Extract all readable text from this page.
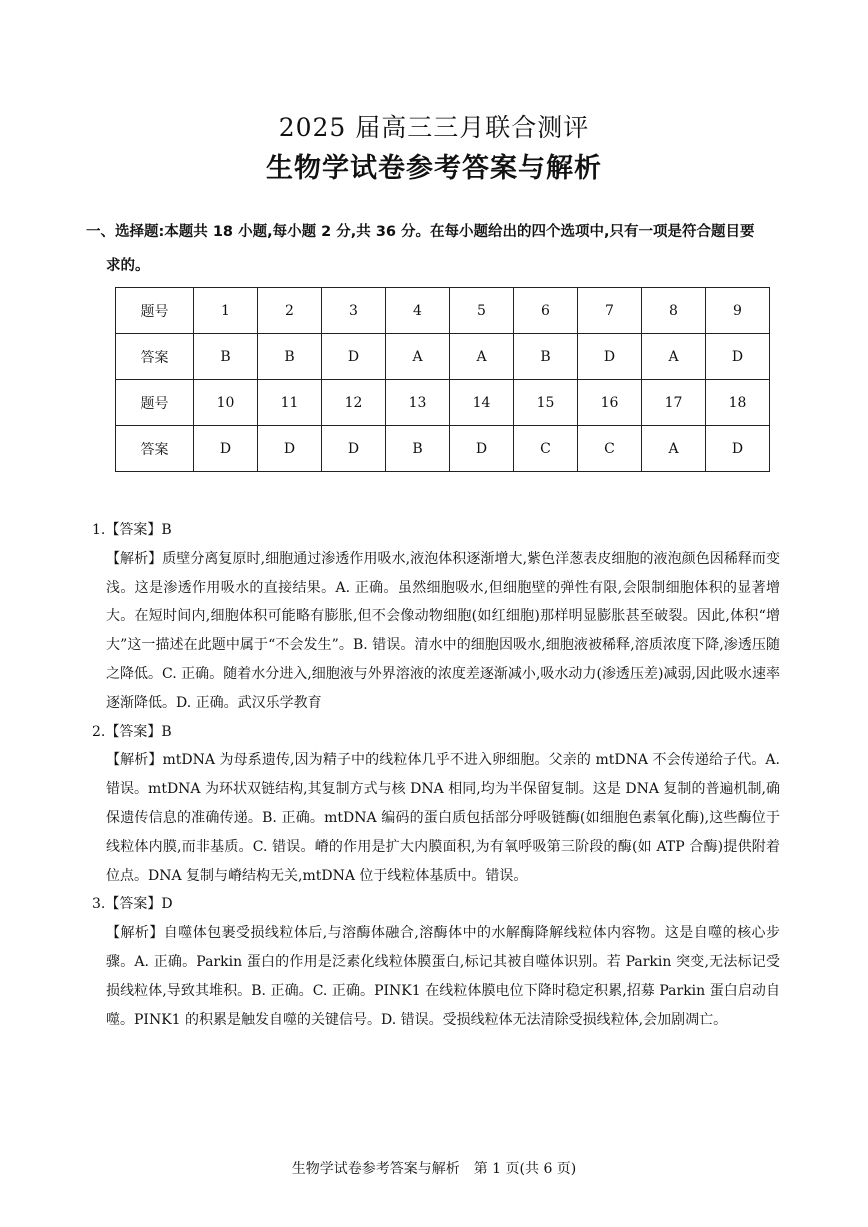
2025 届高三三月联合测评
生物学试卷参考答案与解析
一、选择题:本题共 18 小题,每小题 2 分,共 36 分。在每小题给出的四个选项中,只有一项是符合题目要
求的。
题号	1	2	3	4	5	6	7	8	9
答案	B	B	D	A	A	B	D	A	D
题号	10	11	12	13	14	15	16	17	18
答案	D	D	D	B	D	C	C	A	D
1.【答案】B
【解析】质壁分离复原时,细胞通过渗透作用吸水,液泡体积逐渐增大,紫色洋葱表皮细胞的液泡颜色因稀释而变浅。这是渗透作用吸水的直接结果。A. 正确。虽然细胞吸水,但细胞壁的弹性有限,会限制细胞体积的显著增大。在短时间内,细胞体积可能略有膨胀,但不会像动物细胞(如红细胞)那样明显膨胀甚至破裂。因此,体积“增大”这一描述在此题中属于“不会发生”。B. 错误。清水中的细胞因吸水,细胞液被稀释,溶质浓度下降,渗透压随之降低。C. 正确。随着水分进入,细胞液与外界溶液的浓度差逐渐减小,吸水动力(渗透压差)减弱,因此吸水速率逐渐降低。D. 正确。武汉乐学教育
2.【答案】B
【解析】mtDNA 为母系遗传,因为精子中的线粒体几乎不进入卵细胞。父亲的 mtDNA 不会传递给子代。A. 错误。mtDNA 为环状双链结构,其复制方式与核 DNA 相同,均为半保留复制。这是 DNA 复制的普遍机制,确保遗传信息的准确传递。B. 正确。mtDNA 编码的蛋白质包括部分呼吸链酶(如细胞色素氧化酶),这些酶位于线粒体内膜,而非基质。C. 错误。嵴的作用是扩大内膜面积,为有氧呼吸第三阶段的酶(如 ATP 合酶)提供附着位点。DNA 复制与嵴结构无关,mtDNA 位于线粒体基质中。错误。
3.【答案】D
【解析】自噬体包裹受损线粒体后,与溶酶体融合,溶酶体中的水解酶降解线粒体内容物。这是自噬的核心步骤。A. 正确。Parkin 蛋白的作用是泛素化线粒体膜蛋白,标记其被自噬体识别。若 Parkin 突变,无法标记受损线粒体,导致其堆积。B. 正确。C. 正确。PINK1 在线粒体膜电位下降时稳定积累,招募 Parkin 蛋白启动自噬。PINK1 的积累是触发自噬的关键信号。D. 错误。受损线粒体无法清除受损线粒体,会加剧凋亡。
生物学试卷参考答案与解析　第 1 页(共 6 页)
